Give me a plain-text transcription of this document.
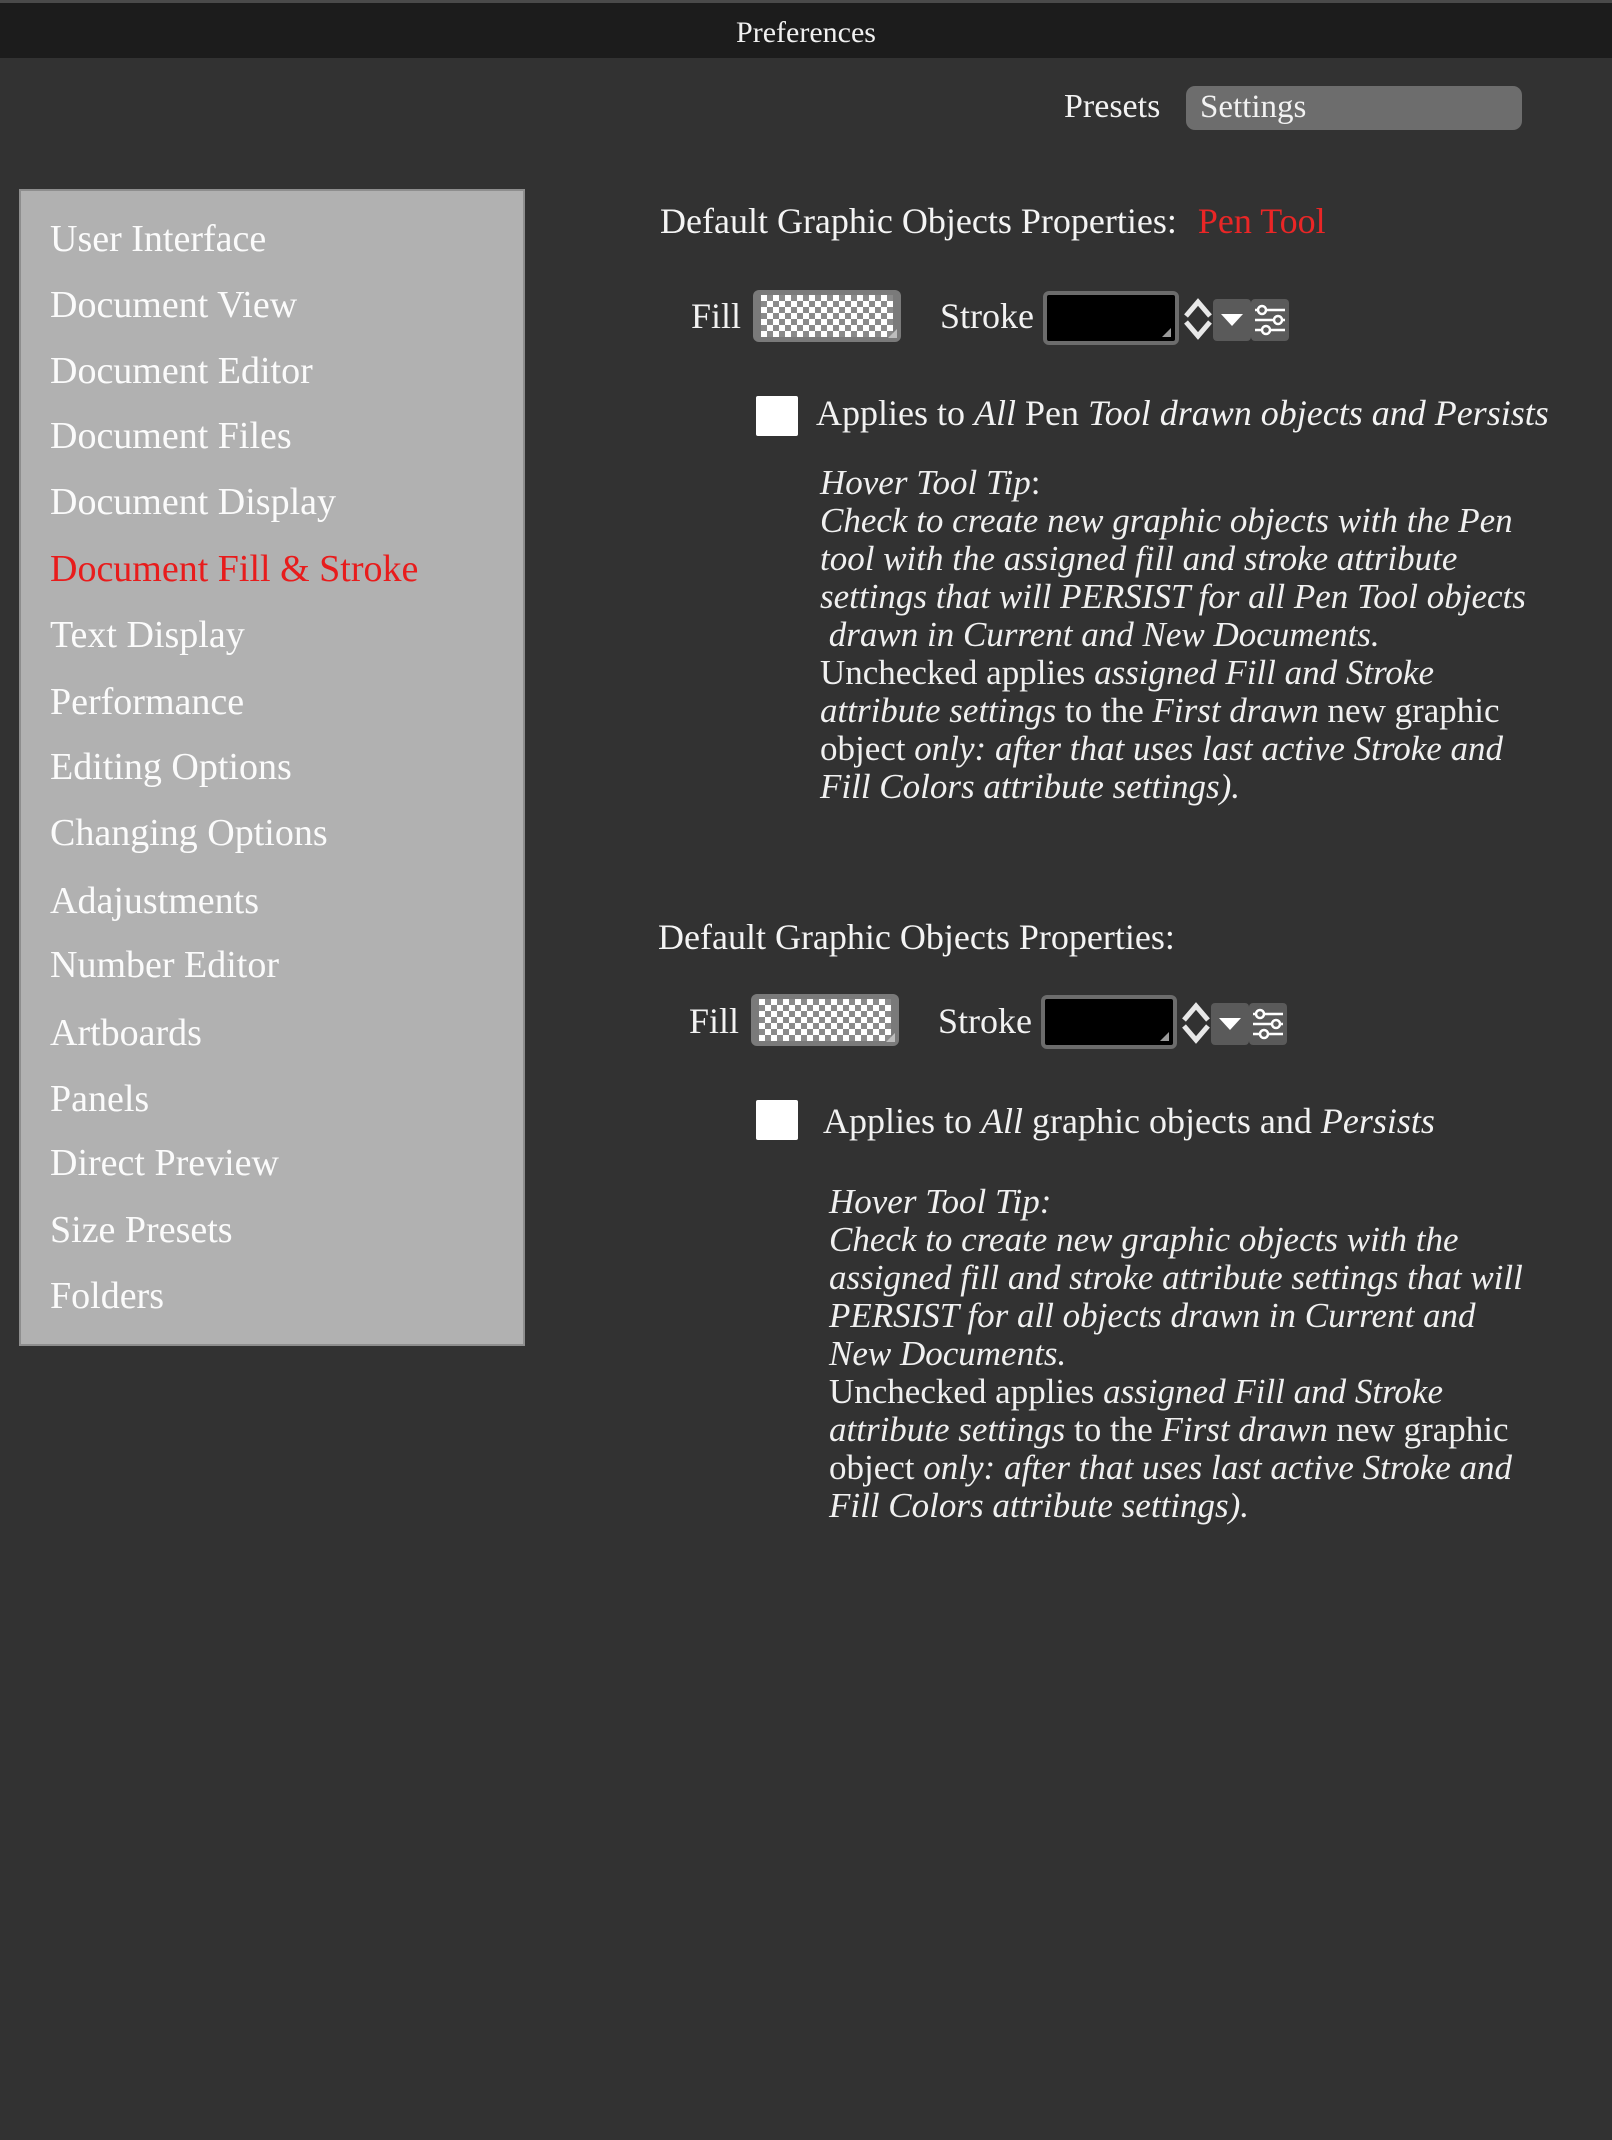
Preferences
Presets	Settings
User Interface
Document View
Document Editor
Document Files
Document Display
Document Fill & Stroke
Text Display
Performance
Editing Options
Changing Options
Adajustments
Number Editor
Artboards
Panels
Direct Preview
Size Presets
Folders
Default Graphic Objects Properties: Pen Tool
Fill	Stroke
Applies to All Pen Tool drawn objects and Persists
Hover Tool Tip:
Check to create new graphic objects with the Pen
tool with the assigned fill and stroke attribute
settings that will PERSIST for all Pen Tool objects
drawn in Current and New Documents.
Unchecked applies assigned Fill and Stroke
attribute settings to the First drawn new graphic
object only: after that uses last active Stroke and
Fill Colors attribute settings).
Default Graphic Objects Properties:
Fill	Stroke
Applies to All graphic objects and Persists
Hover Tool Tip:
Check to create new graphic objects with the
assigned fill and stroke attribute settings that will
PERSIST for all objects drawn in Current and
New Documents.
Unchecked applies assigned Fill and Stroke
attribute settings to the First drawn new graphic
object only: after that uses last active Stroke and
Fill Colors attribute settings).
